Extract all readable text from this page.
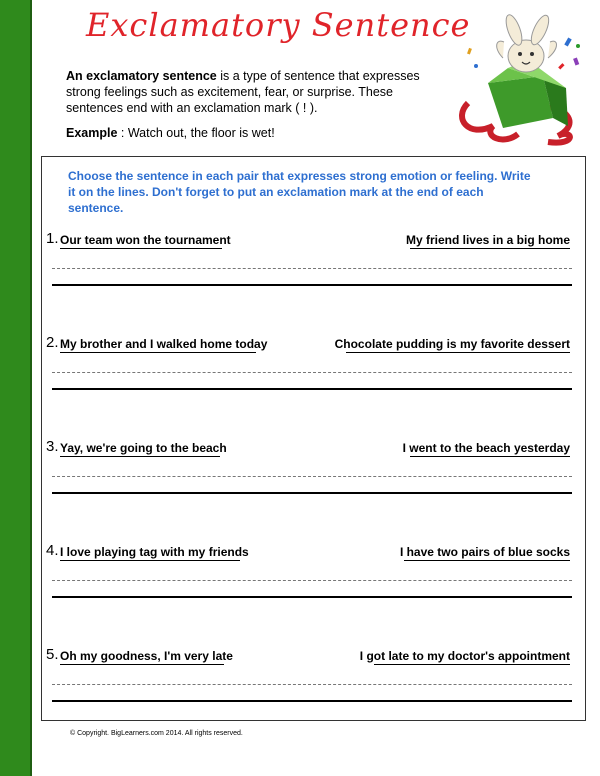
Exclamatory Sentence
An exclamatory sentence is a type of sentence that expresses strong feelings such as excitement, fear, or surprise. These sentences end with an exclamation mark ( ! ).
Example : Watch out, the floor is wet!

Choose the sentence in each pair that expresses strong emotion or feeling. Write it on the lines. Don't forget to put an exclamation mark at the end of each sentence.

1. Our team won the tournament	My friend lives in a big home
2. My brother and I walked home today	Chocolate pudding is my favorite dessert
3. Yay, we're going to the beach	I went to the beach yesterday
4. I love playing tag with my friends	I have two pairs of blue socks
5. Oh my goodness, I'm very late	I got late to my doctor's appointment
© Copyright. BigLearners.com 2014. All rights reserved.
